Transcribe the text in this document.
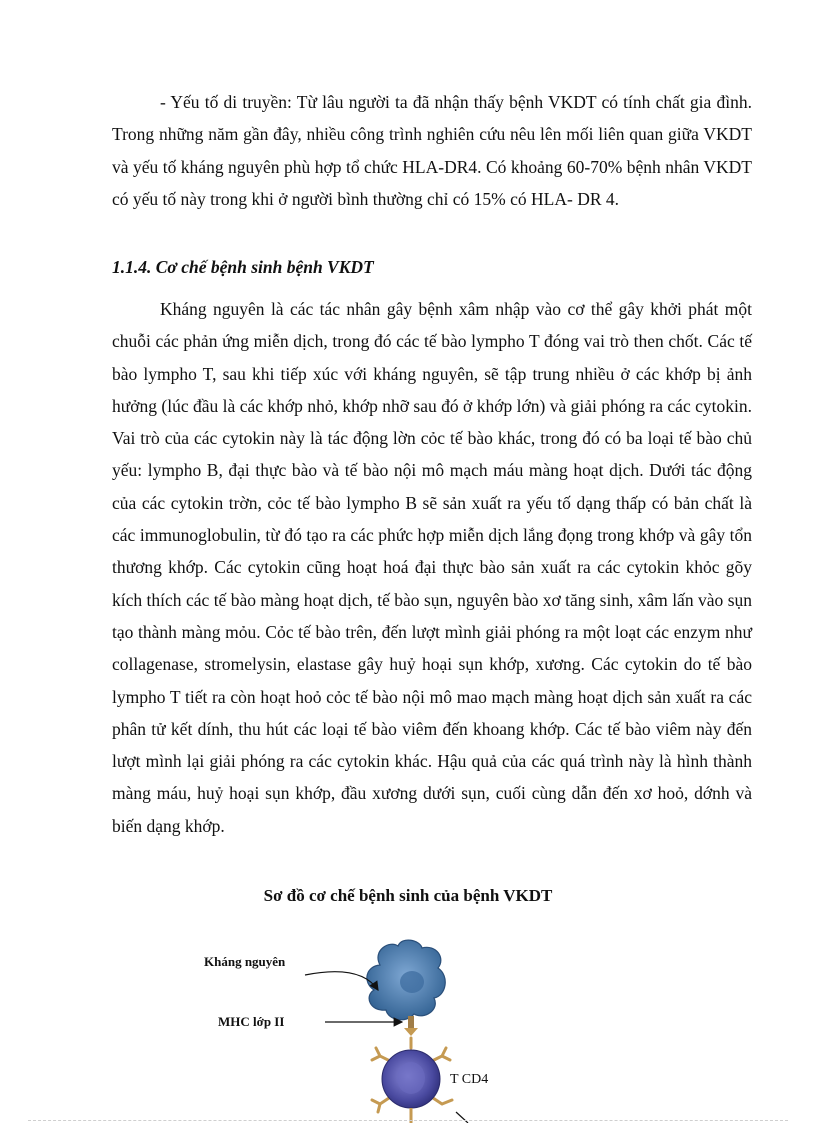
- Yếu tố di truyền: Từ lâu người ta đã nhận thấy bệnh VKDT có tính chất gia đình. Trong những năm gần đây, nhiều công trình nghiên cứu nêu lên mối liên quan giữa VKDT và yếu tố kháng nguyên phù hợp tổ chức HLA-DR4. Có khoảng 60-70% bệnh nhân VKDT có yếu tố này trong khi ở người bình thường chỉ có 15% có HLA- DR 4.

1.1.4. Cơ chế bệnh sinh bệnh VKDT

Kháng nguyên là các tác nhân gây bệnh xâm nhập vào cơ thể gây khởi phát một chuỗi các phản ứng miễn dịch, trong đó các tế bào lympho T đóng vai trò then chốt. Các tế bào lympho T, sau khi tiếp xúc với kháng nguyên, sẽ tập trung nhiều ở các khớp bị ảnh hưởng (lúc đầu là các khớp nhỏ, khớp nhỡ sau đó ở khớp lớn) và giải phóng ra các cytokin. Vai trò của các cytokin này là tác động lờn cỏc tế bào khác, trong đó có ba loại tế bào chủ yếu: lympho B, đại thực bào và tế bào nội mô mạch máu màng hoạt dịch. Dưới tác động của các cytokin trờn, cỏc tế bào lympho B sẽ sản xuất ra yếu tố dạng thấp có bản chất là các immunoglobulin, từ đó tạo ra các phức hợp miễn dịch lắng đọng trong khớp và gây tổn thương khớp. Các cytokin cũng hoạt hoá đại thực bào sản xuất ra các cytokin khỏc gõy kích thích các tế bào màng hoạt dịch, tế bào sụn, nguyên bào xơ tăng sinh, xâm lấn vào sụn tạo thành màng mỏu. Cỏc tế bào trên, đến lượt mình giải phóng ra một loạt các enzym như collagenase, stromelysin, elastase gây huỷ hoại sụn khớp, xương. Các cytokin do tế bào lympho T tiết ra còn hoạt hoỏ cỏc tế bào nội mô mao mạch màng hoạt dịch sản xuất ra các phân tử kết dính, thu hút các loại tế bào viêm đến khoang khớp. Các tế bào viêm này đến lượt mình lại giải phóng ra các cytokin khác. Hậu quả của các quá trình này là hình thành màng máu, huỷ hoại sụn khớp, đầu xương dưới sụn, cuối cùng dẫn đến xơ hoỏ, dớnh và biến dạng khớp.

Sơ đồ cơ chế bệnh sinh của bệnh VKDT

Kháng nguyên
MHC lớp II
T CD4
